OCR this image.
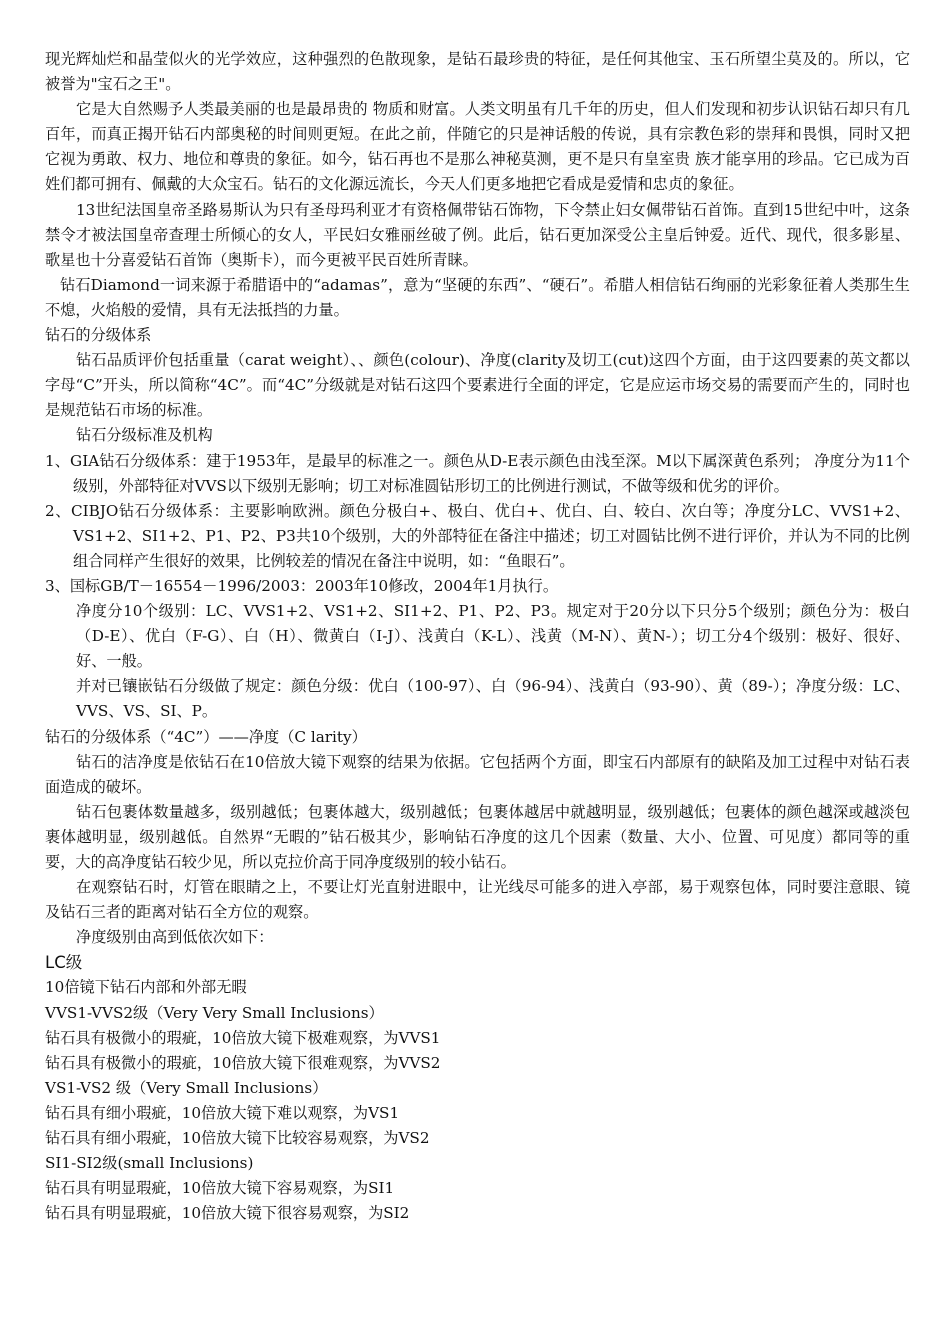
现光辉灿烂和晶莹似火的光学效应，这种强烈的色散现象，是钻石最珍贵的特征，是任何其他宝、玉石所望尘莫及的。所以，它被誉为"宝石之王"。

它是大自然赐予人类最美丽的也是最昂贵的 物质和财富。人类文明虽有几千年的历史，但人们发现和初步认识钻石却只有几百年，而真正揭开钻石内部奥秘的时间则更短。在此之前，伴随它的只是神话般的传说，具有宗教色彩的崇拜和畏惧，同时又把它视为勇敢、权力、地位和尊贵的象征。如今，钻石再也不是那么神秘莫测，更不是只有皇室贵 族才能享用的珍品。它已成为百姓们都可拥有、佩戴的大众宝石。钻石的文化源远流长，今天人们更多地把它看成是爱情和忠贞的象征。

13世纪法国皇帝圣路易斯认为只有圣母玛利亚才有资格佩带钻石饰物，下令禁止妇女佩带钻石首饰。直到15世纪中叶，这条禁令才被法国皇帝查理士所倾心的女人，平民妇女雅丽丝破了例。此后，钻石更加深受公主皇后钟爱。近代、现代，很多影星、歌星也十分喜爱钻石首饰（奥斯卡），而今更被平民百姓所青睐。

钻石Diamond一词来源于希腊语中的“adamas”，意为“坚硬的东西”、“硬石”。希腊人相信钻石绚丽的光彩象征着人类那生生不熄，火焰般的爱情，具有无法抵挡的力量。

钻石的分级体系

钻石品质评价包括重量（carat weight）、、颜色(colour)、净度(clarity及切工(cut)这四个方面，由于这四要素的英文都以字母“C”开头，所以简称“4C”。而“4C”分级就是对钻石这四个要素进行全面的评定，它是应运市场交易的需要而产生的，同时也是规范钻石市场的标准。

钻石分级标准及机构

1、GIA钻石分级体系：建于1953年，是最早的标准之一。颜色从D-E表示颜色由浅至深。M以下属深黄色系列； 净度分为11个级别，外部特征对VVS以下级别无影响；切工对标准圆钻形切工的比例进行测试，不做等级和优劣的评价。

2、CIBJO钻石分级体系：主要影响欧洲。颜色分极白+、极白、优白+、优白、白、较白、次白等；净度分LC、VVS1+2、VS1+2、SI1+2、P1、P2、P3共10个级别，大的外部特征在备注中描述；切工对圆钻比例不进行评价，并认为不同的比例组合同样产生很好的效果，比例较差的情况在备注中说明，如：“鱼眼石”。

3、国标GB/T－16554－1996/2003：2003年10修改，2004年1月执行。

净度分10个级别：LC、VVS1+2、VS1+2、SI1+2、P1、P2、P3。规定对于20分以下只分5个级别；颜色分为：极白（D-E）、优白（F-G）、白（H）、微黄白（I-J）、浅黄白（K-L）、浅黄（M-N）、黄N-）；切工分4个级别：极好、很好、好、一般。

并对已镶嵌钻石分级做了规定：颜色分级：优白（100-97）、白（96-94）、浅黄白（93-90）、黄（89-）；净度分级：LC、VVS、VS、SI、P。

钻石的分级体系（“4C”）——净度（C larity）

钻石的洁净度是依钻石在10倍放大镜下观察的结果为依据。它包括两个方面，即宝石内部原有的缺陷及加工过程中对钻石表面造成的破坏。

钻石包裹体数量越多，级别越低；包裹体越大，级别越低；包裹体越居中就越明显，级别越低；包裹体的颜色越深或越淡包裹体越明显，级别越低。自然界“无暇的”钻石极其少，影响钻石净度的这几个因素（数量、大小、位置、可见度）都同等的重要，大的高净度钻石较少见，所以克拉价高于同净度级别的较小钻石。

在观察钻石时，灯管在眼睛之上，不要让灯光直射进眼中，让光线尽可能多的进入亭部，易于观察包体，同时要注意眼、镜及钻石三者的距离对钻石全方位的观察。

净度级别由高到低依次如下：

LC级

10倍镜下钻石内部和外部无暇

VVS1-VVS2级（Very Very Small Inclusions）

钻石具有极微小的瑕疵，10倍放大镜下极难观察，为VVS1

钻石具有极微小的瑕疵，10倍放大镜下很难观察，为VVS2

VS1-VS2 级（Very Small Inclusions）

钻石具有细小瑕疵，10倍放大镜下难以观察，为VS1

钻石具有细小瑕疵，10倍放大镜下比较容易观察，为VS2

SI1-SI2级(small Inclusions)

钻石具有明显瑕疵，10倍放大镜下容易观察，为SI1

钻石具有明显瑕疵，10倍放大镜下很容易观察，为SI2
